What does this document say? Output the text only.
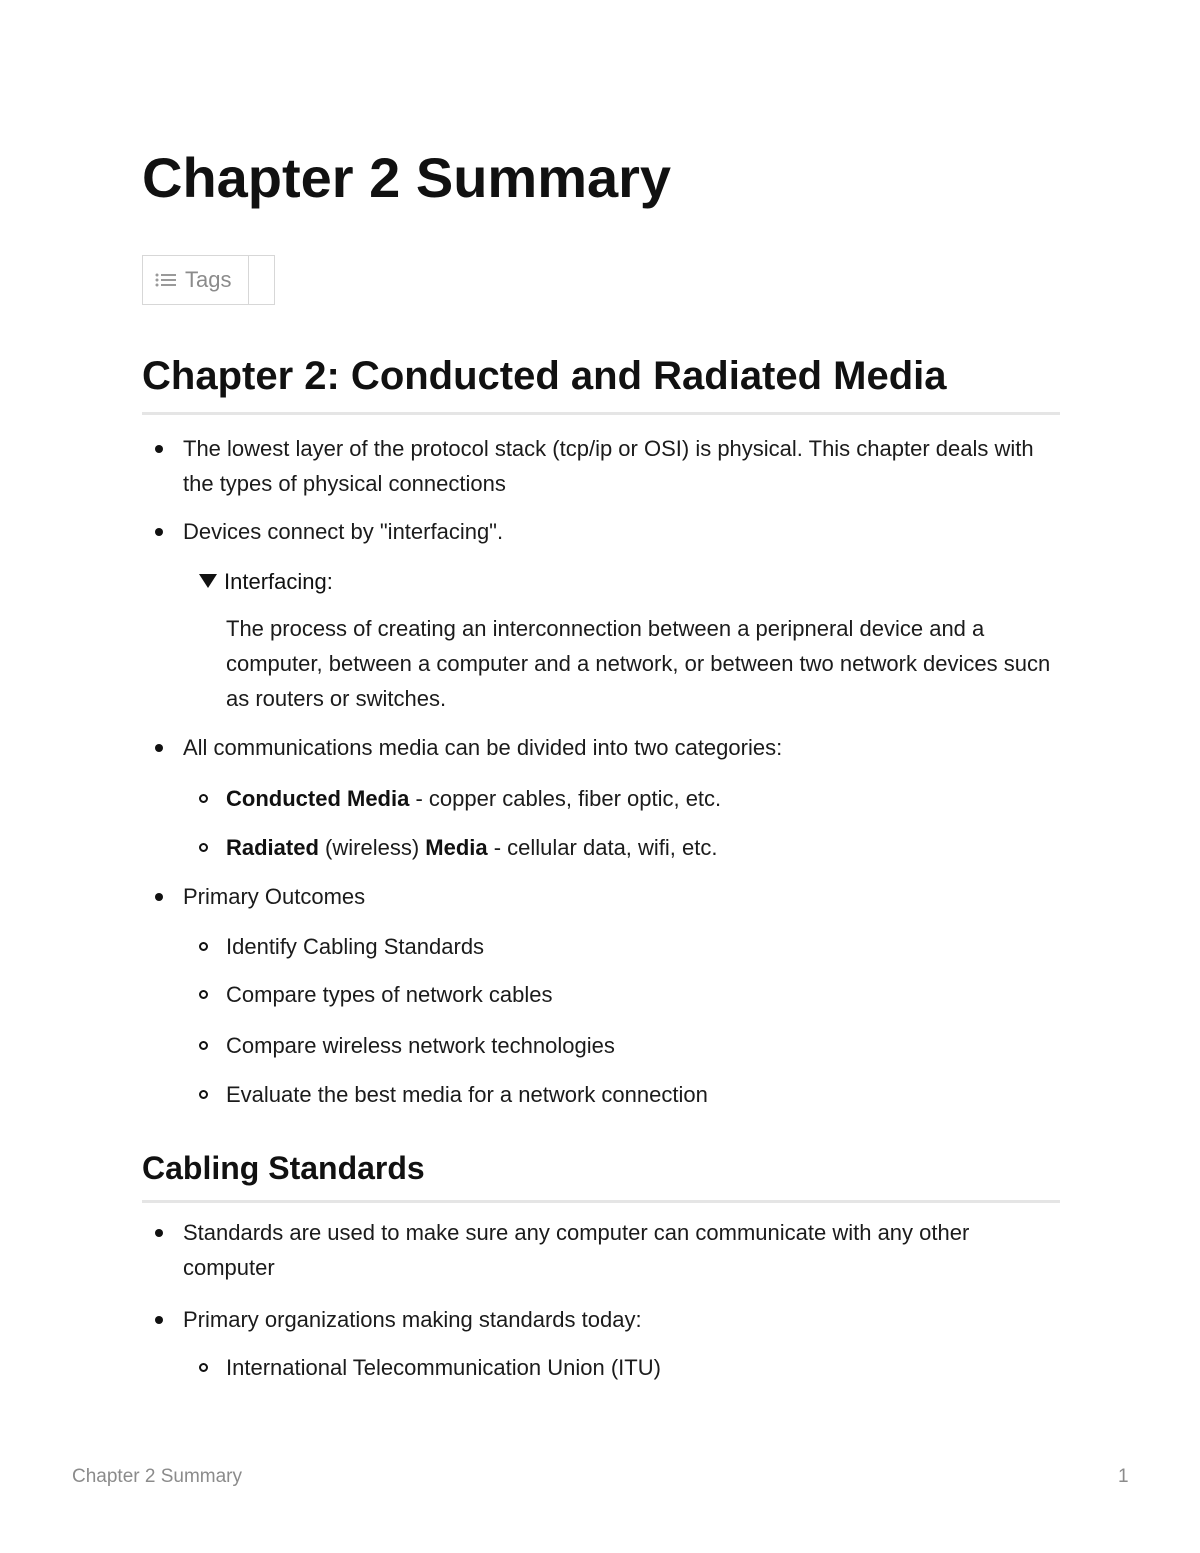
Chapter 2 Summary
Tags
Chapter 2: Conducted and Radiated Media
The lowest layer of the protocol stack (tcp/ip or OSI) is physical. This chapter deals with the types of physical connections
Devices connect by "interfacing".
Interfacing:
The process of creating an interconnection between a peripneral device and a computer, between a computer and a network, or between two network devices sucn as routers or switches.
All communications media can be divided into two categories:
Conducted Media - copper cables, fiber optic, etc.
Radiated (wireless) Media - cellular data, wifi, etc.
Primary Outcomes
Identify Cabling Standards
Compare types of network cables
Compare wireless network technologies
Evaluate the best media for a network connection
Cabling Standards
Standards are used to make sure any computer can communicate with any other computer
Primary organizations making standards today:
International Telecommunication Union (ITU)
Chapter 2 Summary	1
